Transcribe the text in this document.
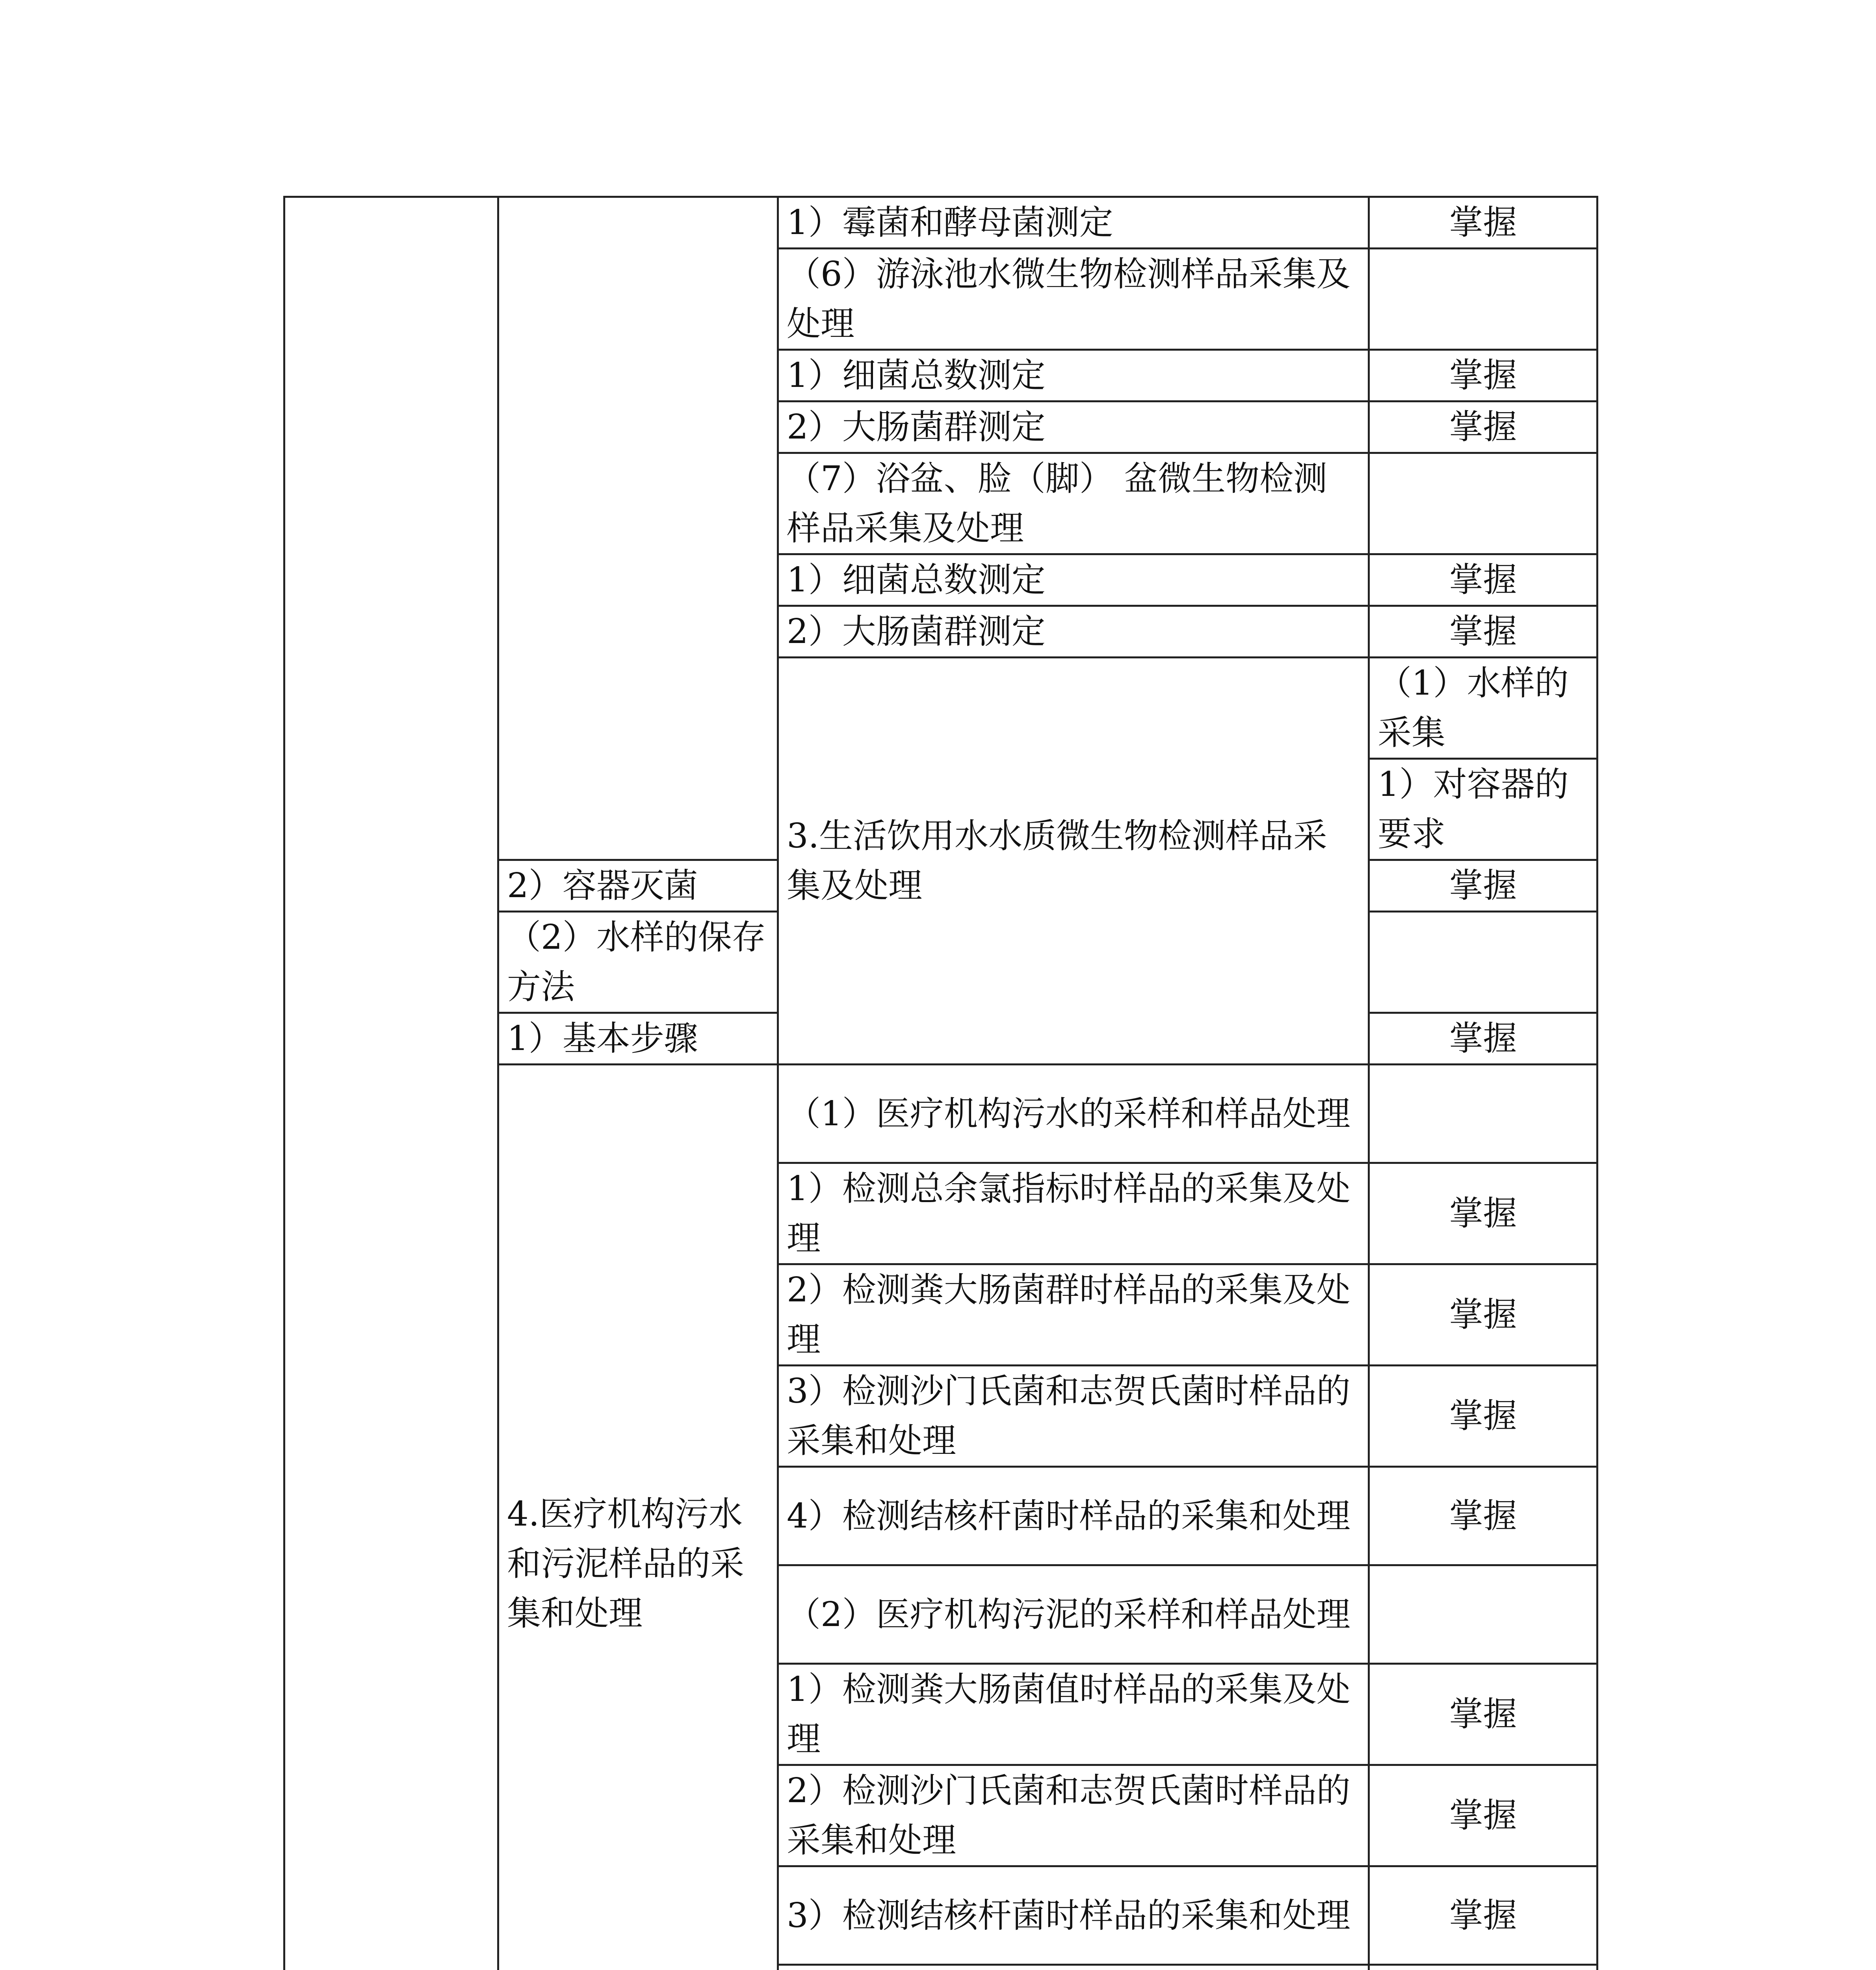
		1）霉菌和酵母菌测定	掌握	
		（6）游泳池水微生物检测样品采集及处理		
		1）细菌总数测定	掌握	
		2）大肠菌群测定	掌握	
		（7）浴盆、脸（脚） 盆微生物检测样品采集及处理		
		1）细菌总数测定	掌握	
		2）大肠菌群测定	掌握	
		3.生活饮用水水质微生物检测样品采集及处理	（1）水样的采集	
			1）对容器的要求	
	2）容器灭菌		掌握	
	（2）水样的保存方法			
	1）基本步骤		掌握	
	4.医疗机构污水和污泥样品的采集和处理	（1）医疗机构污水的采样和样品处理		
		1）检测总余氯指标时样品的采集及处理	掌握	
		2）检测粪大肠菌群时样品的采集及处理	掌握	
		3）检测沙门氏菌和志贺氏菌时样品的采集和处理	掌握	
		4）检测结核杆菌时样品的采集和处理	掌握	
		（2）医疗机构污泥的采样和样品处理		
		1）检测粪大肠菌值时样品的采集及处理	掌握	
		2）检测沙门氏菌和志贺氏菌时样品的采集和处理	掌握	
		3）检测结核杆菌时样品的采集和处理	掌握	
